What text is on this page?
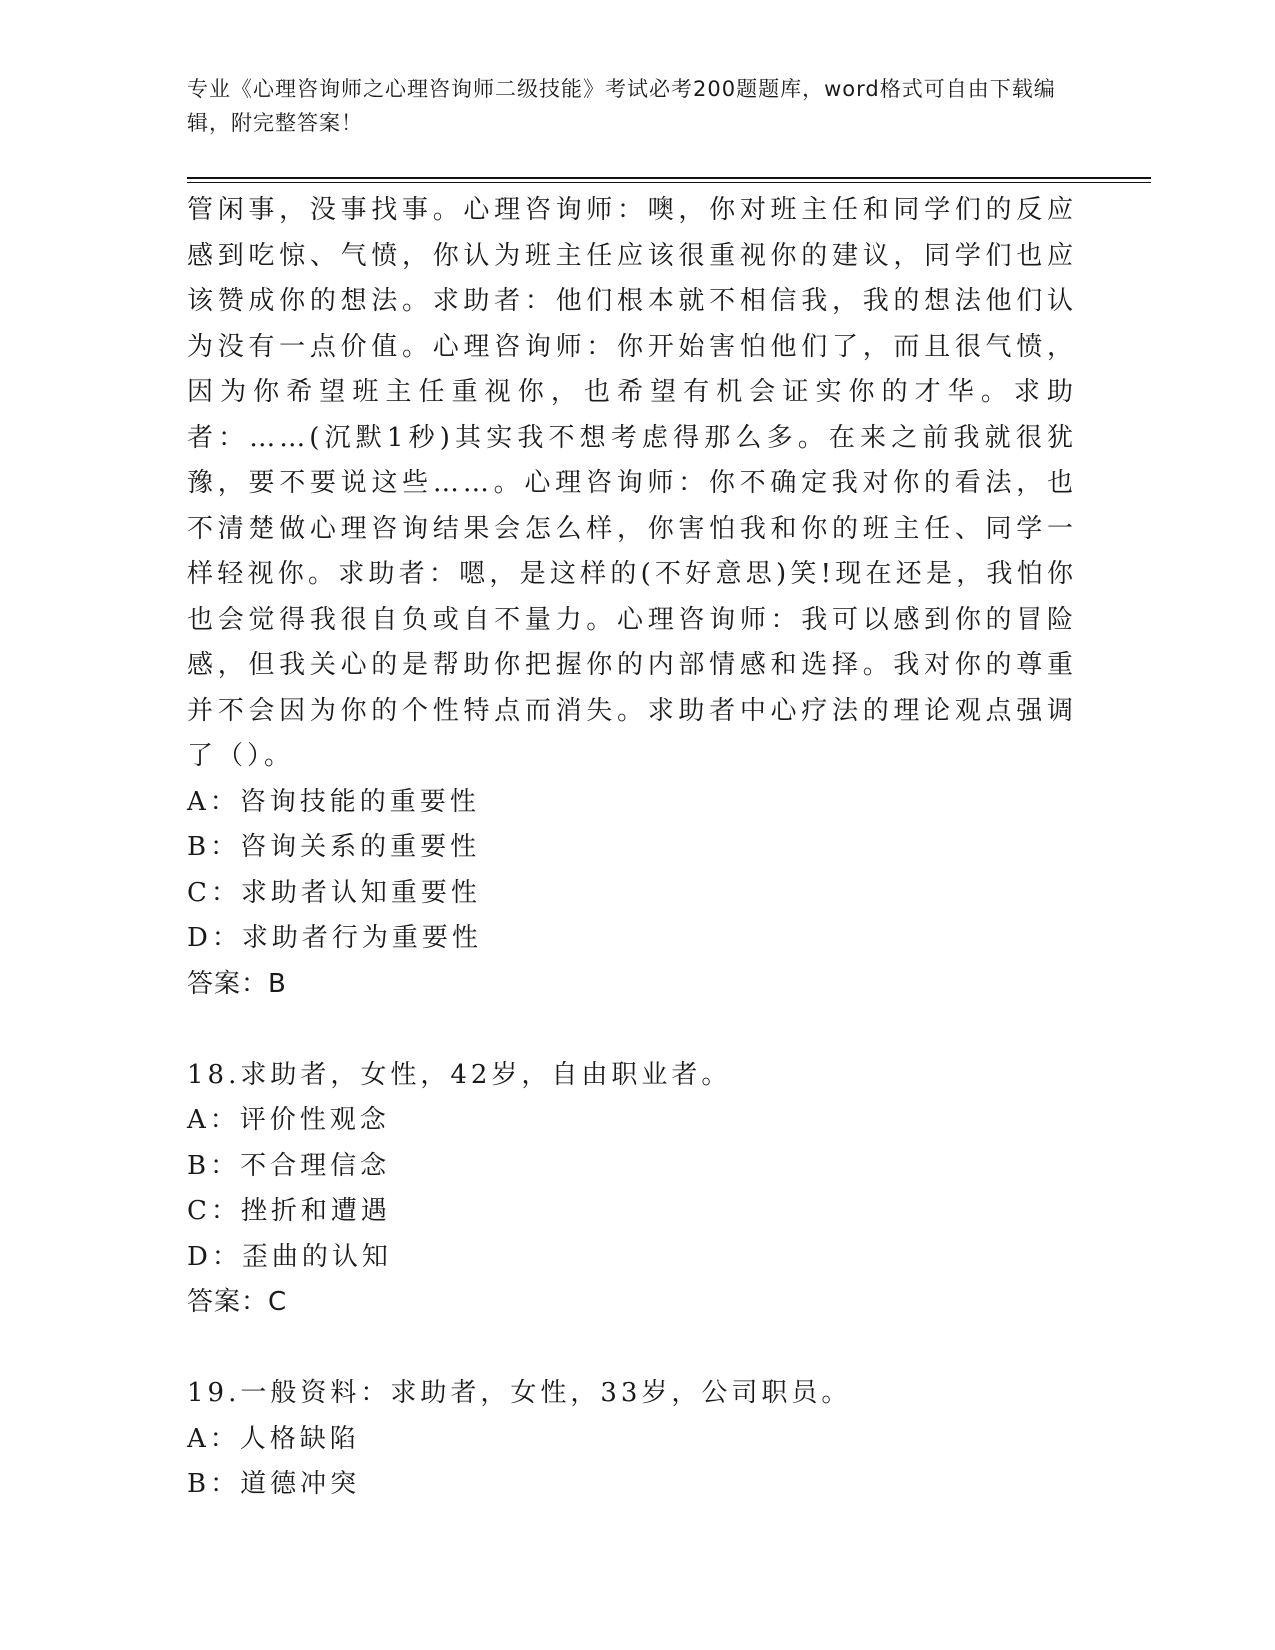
专业《心理咨询师之心理咨询师二级技能》考试必考200题题库，word格式可自由下载编辑，附完整答案！

管闲事，没事找事。心理咨询师：噢，你对班主任和同学们的反应感到吃惊、气愤，你认为班主任应该很重视你的建议，同学们也应该赞成你的想法。求助者：他们根本就不相信我，我的想法他们认为没有一点价值。心理咨询师：你开始害怕他们了，而且很气愤，因为你希望班主任重视你，也希望有机会证实你的才华。求助者：……(沉默1秒)其实我不想考虑得那么多。在来之前我就很犹豫，要不要说这些……。心理咨询师：你不确定我对你的看法，也不清楚做心理咨询结果会怎么样，你害怕我和你的班主任、同学一样轻视你。求助者：嗯，是这样的(不好意思)笑!现在还是，我怕你也会觉得我很自负或自不量力。心理咨询师：我可以感到你的冒险感，但我关心的是帮助你把握你的内部情感和选择。我对你的尊重并不会因为你的个性特点而消失。求助者中心疗法的理论观点强调了（）。

A：咨询技能的重要性

B：咨询关系的重要性

C：求助者认知重要性

D：求助者行为重要性

答案：B

18.求助者，女性，42岁，自由职业者。

A：评价性观念

B：不合理信念

C：挫折和遭遇

D：歪曲的认知

答案：C

19.一般资料：求助者，女性，33岁，公司职员。

A：人格缺陷

B：道德冲突
